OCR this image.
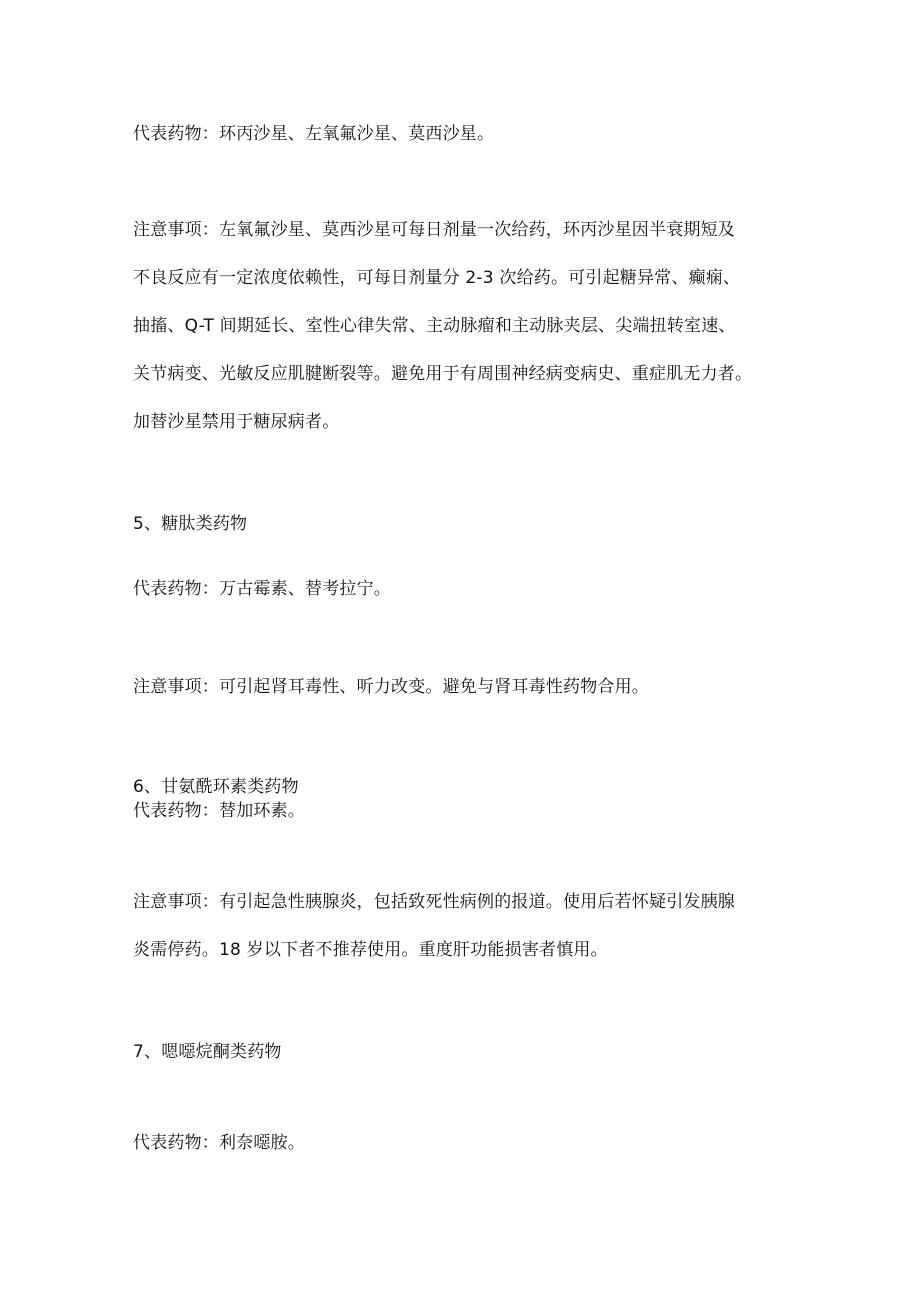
代表药物：环丙沙星、左氧氟沙星、莫西沙星。
注意事项：左氧氟沙星、莫西沙星可每日剂量一次给药，环丙沙星因半衰期短及
不良反应有一定浓度依赖性，可每日剂量分 2-3 次给药。可引起糖异常、癫痫、
抽搐、Q-T 间期延长、室性心律失常、主动脉瘤和主动脉夹层、尖端扭转室速、
关节病变、光敏反应肌腱断裂等。避免用于有周围神经病变病史、重症肌无力者。
加替沙星禁用于糖尿病者。
5、糖肽类药物
代表药物：万古霉素、替考拉宁。
注意事项：可引起肾耳毒性、听力改变。避免与肾耳毒性药物合用。
6、甘氨酰环素类药物
代表药物：替加环素。
注意事项：有引起急性胰腺炎，包括致死性病例的报道。使用后若怀疑引发胰腺
炎需停药。18 岁以下者不推荐使用。重度肝功能损害者慎用。
7、嗯噁烷酮类药物
代表药物：利奈噁胺。
